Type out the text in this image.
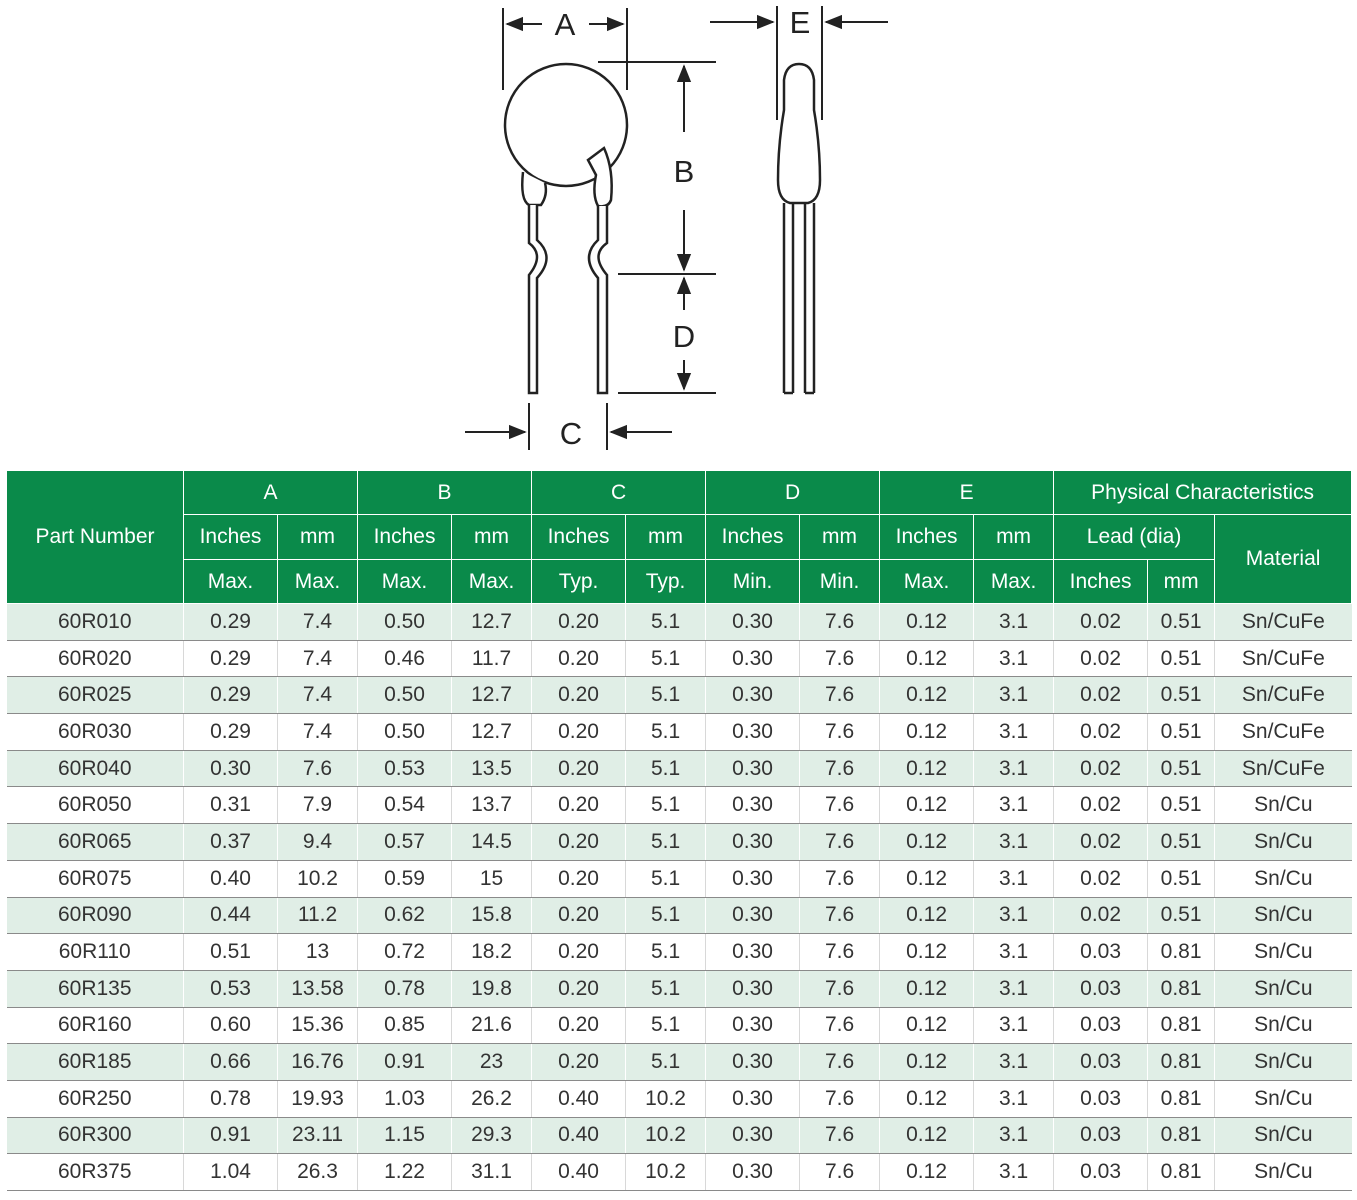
A
B
D
C
E
Part Number	A		B		C		D		E		Physical Characteristics		
	Inches	mm	Inches	mm	Inches	mm	Inches	mm	Inches	mm	Lead (dia)		Material
	Max.	Max.	Max.	Max.	Typ.	Typ.	Min.	Min.	Max.	Max.	Inches	mm	
60R010	0.29	7.4	0.50	12.7	0.20	5.1	0.30	7.6	0.12	3.1	0.02	0.51	Sn/CuFe
60R020	0.29	7.4	0.46	11.7	0.20	5.1	0.30	7.6	0.12	3.1	0.02	0.51	Sn/CuFe
60R025	0.29	7.4	0.50	12.7	0.20	5.1	0.30	7.6	0.12	3.1	0.02	0.51	Sn/CuFe
60R030	0.29	7.4	0.50	12.7	0.20	5.1	0.30	7.6	0.12	3.1	0.02	0.51	Sn/CuFe
60R040	0.30	7.6	0.53	13.5	0.20	5.1	0.30	7.6	0.12	3.1	0.02	0.51	Sn/CuFe
60R050	0.31	7.9	0.54	13.7	0.20	5.1	0.30	7.6	0.12	3.1	0.02	0.51	Sn/Cu
60R065	0.37	9.4	0.57	14.5	0.20	5.1	0.30	7.6	0.12	3.1	0.02	0.51	Sn/Cu
60R075	0.40	10.2	0.59	15	0.20	5.1	0.30	7.6	0.12	3.1	0.02	0.51	Sn/Cu
60R090	0.44	11.2	0.62	15.8	0.20	5.1	0.30	7.6	0.12	3.1	0.02	0.51	Sn/Cu
60R110	0.51	13	0.72	18.2	0.20	5.1	0.30	7.6	0.12	3.1	0.03	0.81	Sn/Cu
60R135	0.53	13.58	0.78	19.8	0.20	5.1	0.30	7.6	0.12	3.1	0.03	0.81	Sn/Cu
60R160	0.60	15.36	0.85	21.6	0.20	5.1	0.30	7.6	0.12	3.1	0.03	0.81	Sn/Cu
60R185	0.66	16.76	0.91	23	0.20	5.1	0.30	7.6	0.12	3.1	0.03	0.81	Sn/Cu
60R250	0.78	19.93	1.03	26.2	0.40	10.2	0.30	7.6	0.12	3.1	0.03	0.81	Sn/Cu
60R300	0.91	23.11	1.15	29.3	0.40	10.2	0.30	7.6	0.12	3.1	0.03	0.81	Sn/Cu
60R375	1.04	26.3	1.22	31.1	0.40	10.2	0.30	7.6	0.12	3.1	0.03	0.81	Sn/Cu
